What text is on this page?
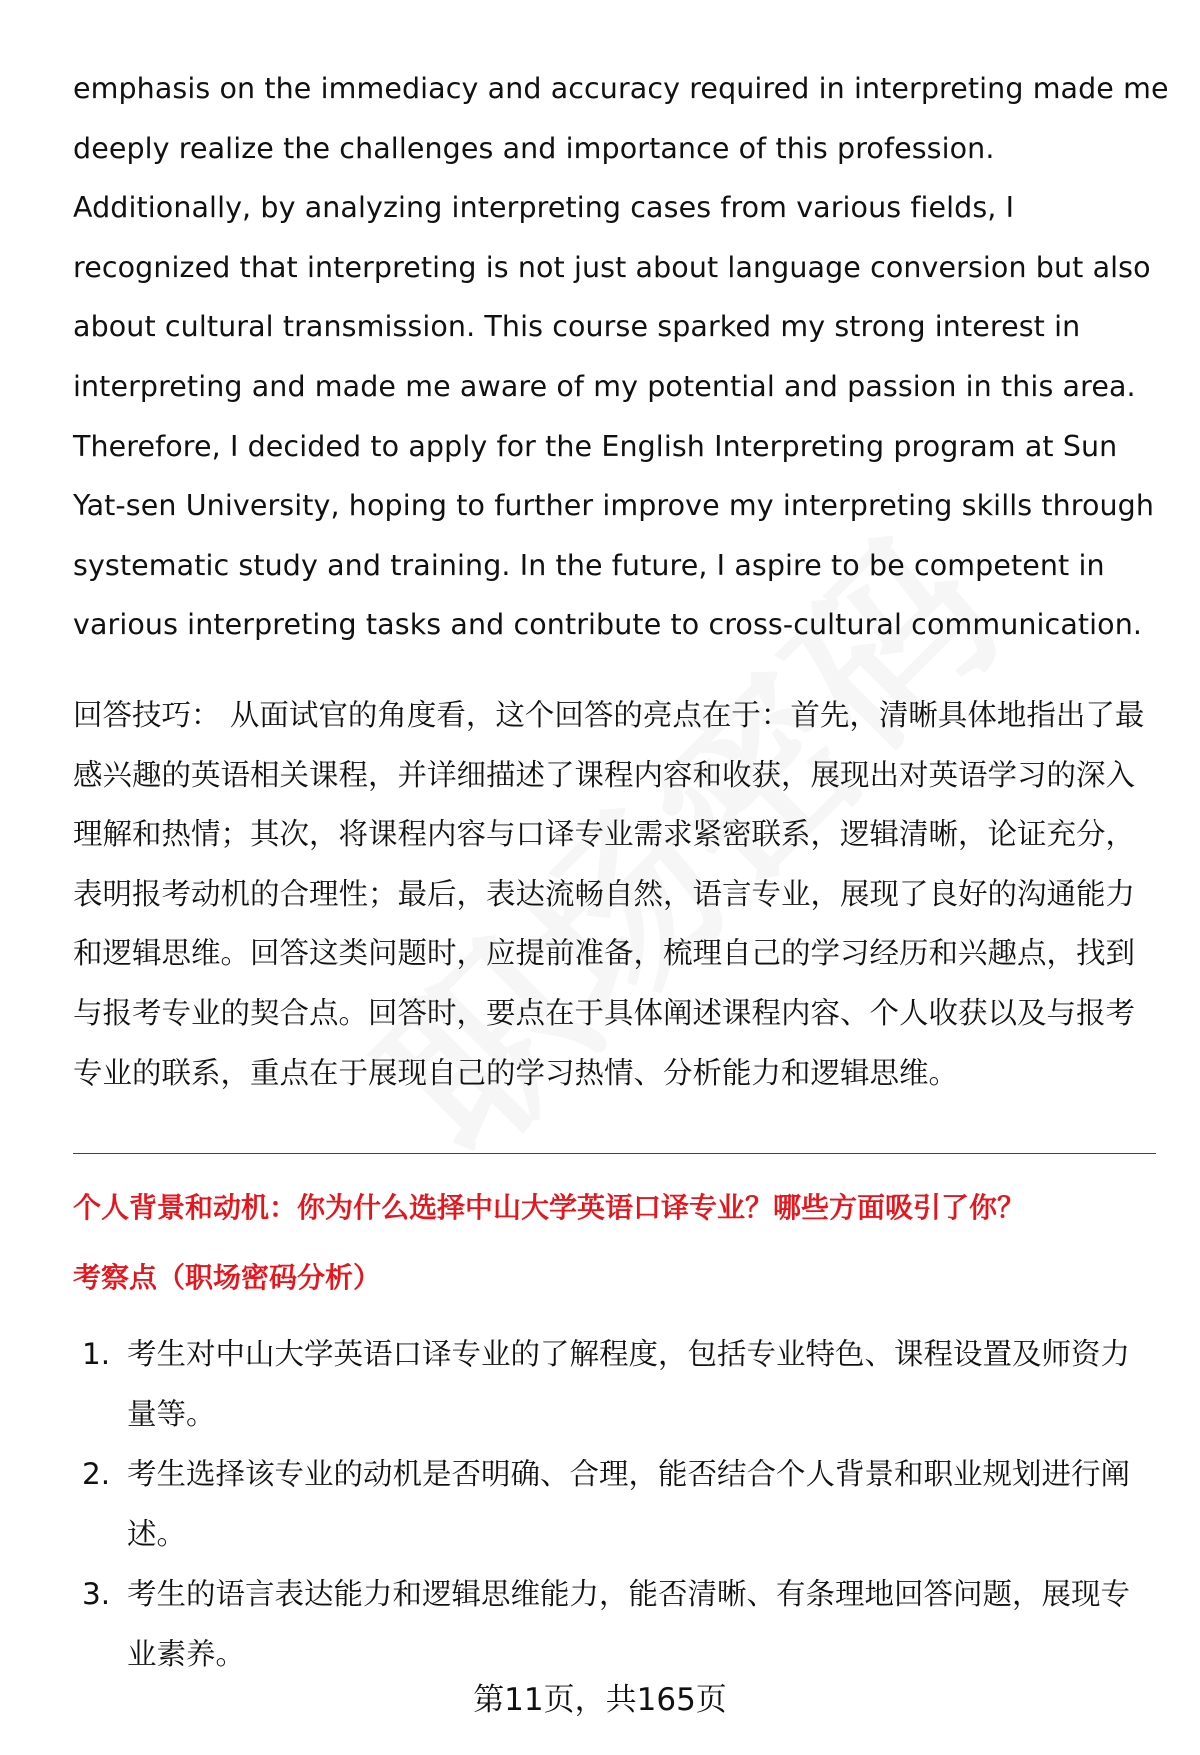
emphasis on the immediacy and accuracy required in interpreting made me

deeply realize the challenges and importance of this profession.

Additionally, by analyzing interpreting cases from various fields, I

recognized that interpreting is not just about language conversion but also

about cultural transmission. This course sparked my strong interest in

interpreting and made me aware of my potential and passion in this area.

Therefore, I decided to apply for the English Interpreting program at Sun

Yat-sen University, hoping to further improve my interpreting skills through

systematic study and training. In the future, I aspire to be competent in

various interpreting tasks and contribute to cross-cultural communication.

回答技巧： 从面试官的角度看，这个回答的亮点在于：首先，清晰具体地指出了最

感兴趣的英语相关课程，并详细描述了课程内容和收获，展现出对英语学习的深入

理解和热情；其次，将课程内容与口译专业需求紧密联系，逻辑清晰，论证充分，

表明报考动机的合理性；最后，表达流畅自然，语言专业，展现了良好的沟通能力

和逻辑思维。回答这类问题时，应提前准备，梳理自己的学习经历和兴趣点，找到

与报考专业的契合点。回答时，要点在于具体阐述课程内容、个人收获以及与报考

专业的联系，重点在于展现自己的学习热情、分析能力和逻辑思维。

个人背景和动机：你为什么选择中山大学英语口译专业？哪些方面吸引了你？
考察点（职场密码分析）
1. 考生对中山大学英语口译专业的了解程度，包括专业特色、课程设置及师资力
量等。
2. 考生选择该专业的动机是否明确、合理，能否结合个人背景和职业规划进行阐
述。
3. 考生的语言表达能力和逻辑思维能力，能否清晰、有条理地回答问题，展现专
业素养。
第11页，共165页
